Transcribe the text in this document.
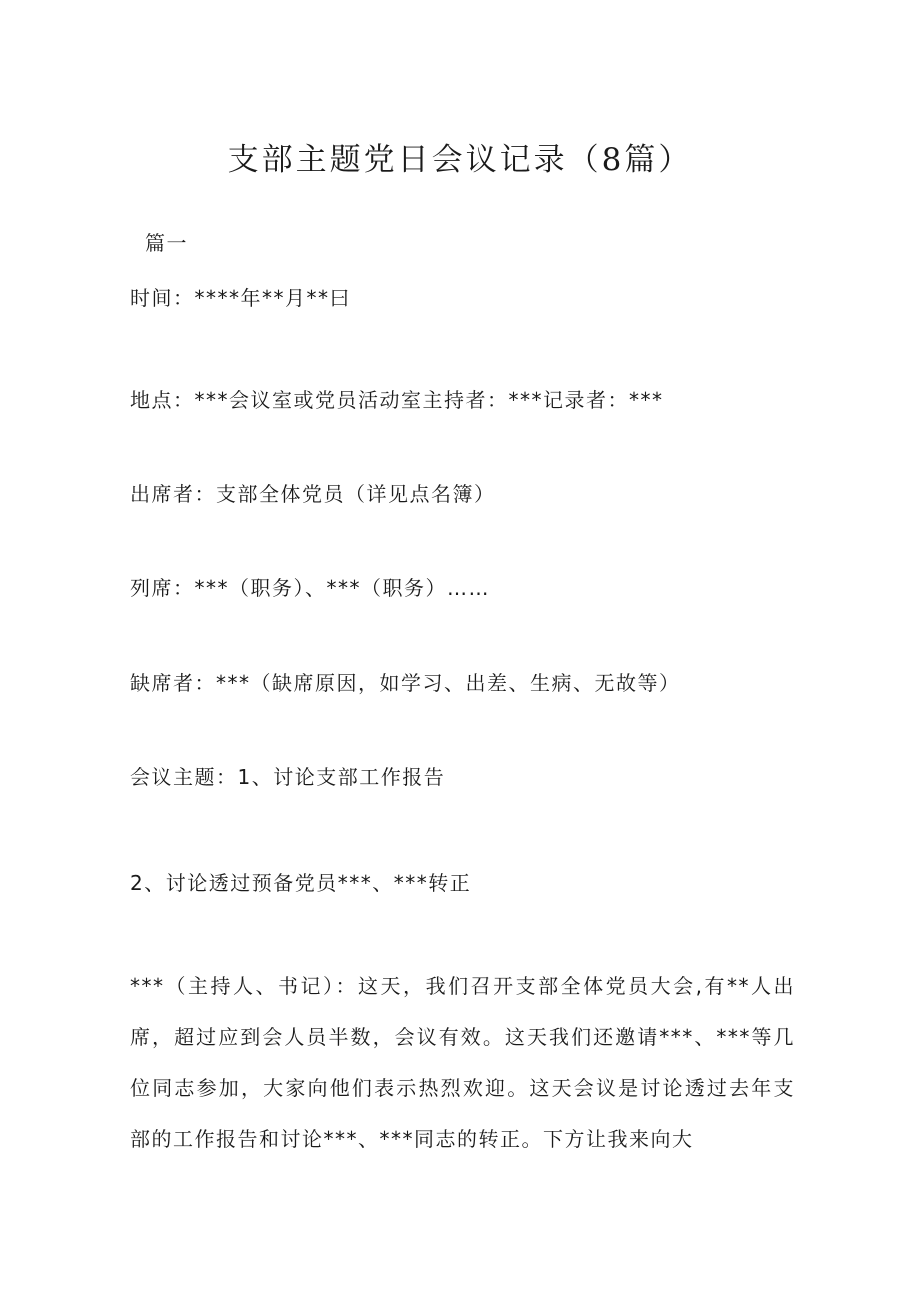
支部主题党日会议记录（8篇）
篇一
时间：****年**月**曰
地点：***会议室或党员活动室主持者：***记录者：***
出席者：支部全体党员（详见点名簿）
列席：***（职务）、***（职务）……
缺席者：***（缺席原因，如学习、出差、生病、无故等）
会议主题：1、讨论支部工作报告
2、讨论透过预备党员***、***转正
***（主持人、书记）：这天，我们召开支部全体党员大会,有**人出席，超过应到会人员半数，会议有效。这天我们还邀请***、***等几位同志参加，大家向他们表示热烈欢迎。这天会议是讨论透过去年支部的工作报告和讨论***、***同志的转正。下方让我来向大
